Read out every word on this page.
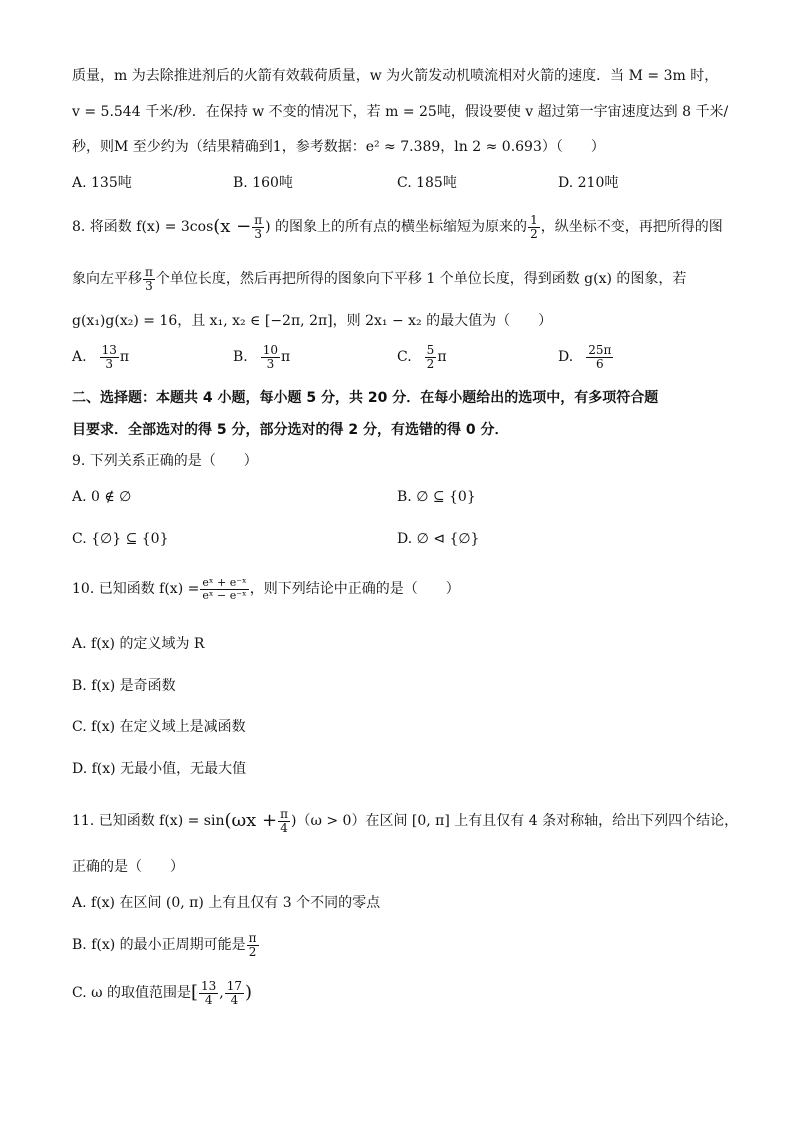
质量，m 为去除推进剂后的火箭有效载荷质量，w 为火箭发动机喷流相对火箭的速度．当 M = 3m 时，
v = 5.544 千米/秒．在保持 w 不变的情况下，若 m = 25吨，假设要使 v 超过第一宇宙速度达到 8 千米/
秒，则M 至少约为（结果精确到1，参考数据：e² ≈ 7.389，ln 2 ≈ 0.693）（　　）
A. 135吨	B. 160吨	C. 185吨	D. 210吨
8. 将函数 $f(x) = 3\cos(x - \frac{\pi}{3}$ ) 的图象上的所有点的横坐标缩短为原来的 $\frac{1}{2}$ ，纵坐标不变，再把所得的图
象向左平移 $\frac{\pi}{3}$ 个单位长度，然后再把所得的图象向下平移 1 个单位长度，得到函数 g(x) 的图象，若
g(x₁)g(x₂) = 16，且 x₁, x₂ ∈ [−2π, 2π]，则 2x₁ − x₂ 的最大值为（　　）
A. $\frac{13}{3}$ π	B. $\frac{10}{3}$ π	C. $\frac{5}{2}$ π	D. $\frac{25\pi}{6}$
二、选择题：本题共 4 小题，每小题 5 分，共 20 分．在每小题给出的选项中，有多项符合题
目要求．全部选对的得 5 分，部分选对的得 2 分，有选错的得 0 分．
9. 下列关系正确的是（　　）
A. 0 ∉ ∅	B. ∅ ⊆ {0}
C. {∅} ⊆ {0}	D. ∅ ⊲ {∅}
10. 已知函数 $f(x) = \frac{\text{eˣ + e⁻ˣ}}{\text{eˣ − e⁻ˣ}}$ ，则下列结论中正确的是（　　）
A. f(x) 的定义域为 R
B. f(x) 是奇函数
C. f(x) 在定义域上是减函数
D. f(x) 无最小值，无最大值
11. 已知函数 $f(x) = \sin(\omega x + \frac{\pi}{4} )(\omega > 0)$在区间 [0, π] 上有且仅有 4 条对称轴，给出下列四个结论，
正确的是（　　）
A. f(x) 在区间 (0, π) 上有且仅有 3 个不同的零点
B. f(x) 的最小正周期可能是 $\frac{\pi}{2}$
C. ω 的取值范围是[ $\frac{13}{4}$ , $\frac{17}{4}$ )
